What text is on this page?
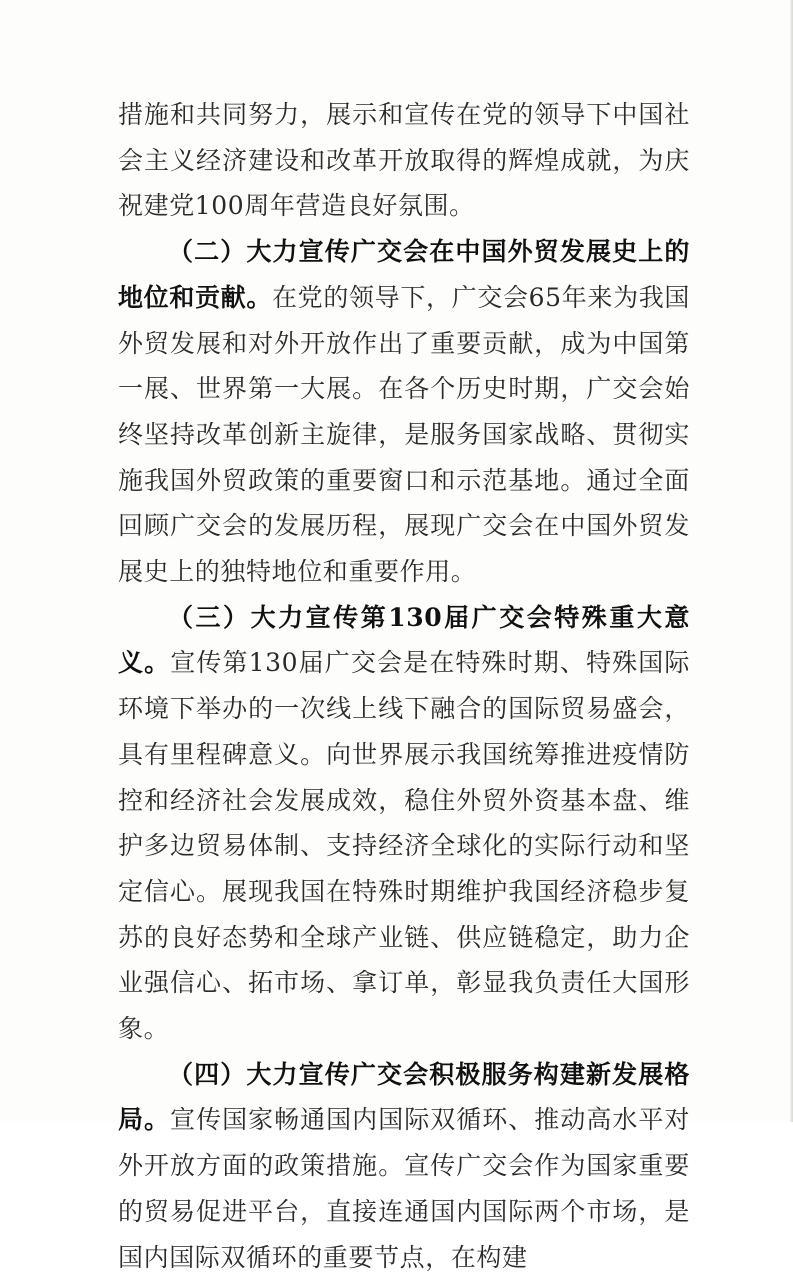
措施和共同努力，展示和宣传在党的领导下中国社会主义经济建设和改革开放取得的辉煌成就，为庆祝建党100周年营造良好氛围。

（二）大力宣传广交会在中国外贸发展史上的地位和贡献。在党的领导下，广交会65年来为我国外贸发展和对外开放作出了重要贡献，成为中国第一展、世界第一大展。在各个历史时期，广交会始终坚持改革创新主旋律，是服务国家战略、贯彻实施我国外贸政策的重要窗口和示范基地。通过全面回顾广交会的发展历程，展现广交会在中国外贸发展史上的独特地位和重要作用。

（三）大力宣传第130届广交会特殊重大意义。宣传第130届广交会是在特殊时期、特殊国际环境下举办的一次线上线下融合的国际贸易盛会，具有里程碑意义。向世界展示我国统筹推进疫情防控和经济社会发展成效，稳住外贸外资基本盘、维护多边贸易体制、支持经济全球化的实际行动和坚定信心。展现我国在特殊时期维护我国经济稳步复苏的良好态势和全球产业链、供应链稳定，助力企业强信心、拓市场、拿订单，彰显我负责任大国形象。

（四）大力宣传广交会积极服务构建新发展格局。宣传国家畅通国内国际双循环、推动高水平对外开放方面的政策措施。宣传广交会作为国家重要的贸易促进平台，直接连通国内国际两个市场，是国内国际双循环的重要节点，在构建
